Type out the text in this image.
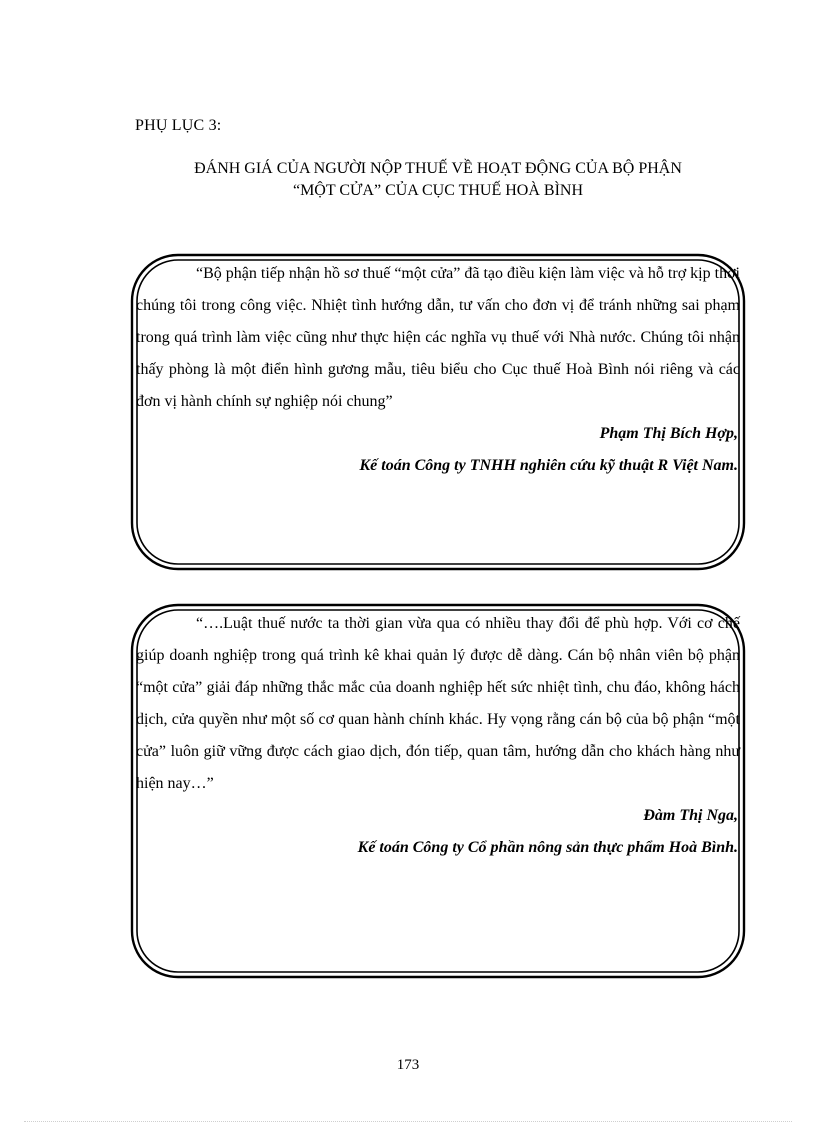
PHỤ LỤC 3:
ĐÁNH GIÁ CỦA NGƯỜI NỘP THUẾ VỀ HOẠT ĐỘNG CỦA BỘ PHẬN
“MỘT CỬA” CỦA CỤC THUẾ HOÀ BÌNH

“Bộ phận tiếp nhận hồ sơ thuế “một cửa” đã tạo điều kiện làm việc và hỗ trợ kịp thời chúng tôi trong công việc. Nhiệt tình hướng dẫn, tư vấn cho đơn vị để tránh những sai phạm trong quá trình làm việc cũng như thực hiện các nghĩa vụ thuế với Nhà nước. Chúng tôi nhận thấy phòng là một điển hình gương mẫu, tiêu biểu cho Cục thuế Hoà Bình nói riêng và các đơn vị hành chính sự nghiệp nói chung”

Phạm Thị Bích Hợp,
Kế toán Công ty TNHH nghiên cứu kỹ thuật R Việt Nam.

“….Luật thuế nước ta thời gian vừa qua có nhiều thay đổi để phù hợp. Với cơ chế giúp doanh nghiệp trong quá trình kê khai quản lý được dễ dàng. Cán bộ nhân viên bộ phận “một cửa” giải đáp những thắc mắc của doanh nghiệp hết sức nhiệt tình, chu đáo, không hách dịch, cửa quyền như một số cơ quan hành chính khác. Hy vọng rằng cán bộ của bộ phận “một cửa” luôn giữ vững được cách giao dịch, đón tiếp, quan tâm, hướng dẫn cho khách hàng như hiện nay…”

Đàm Thị Nga,
Kế toán Công ty Cổ phần nông sản thực phẩm Hoà Bình.
173
